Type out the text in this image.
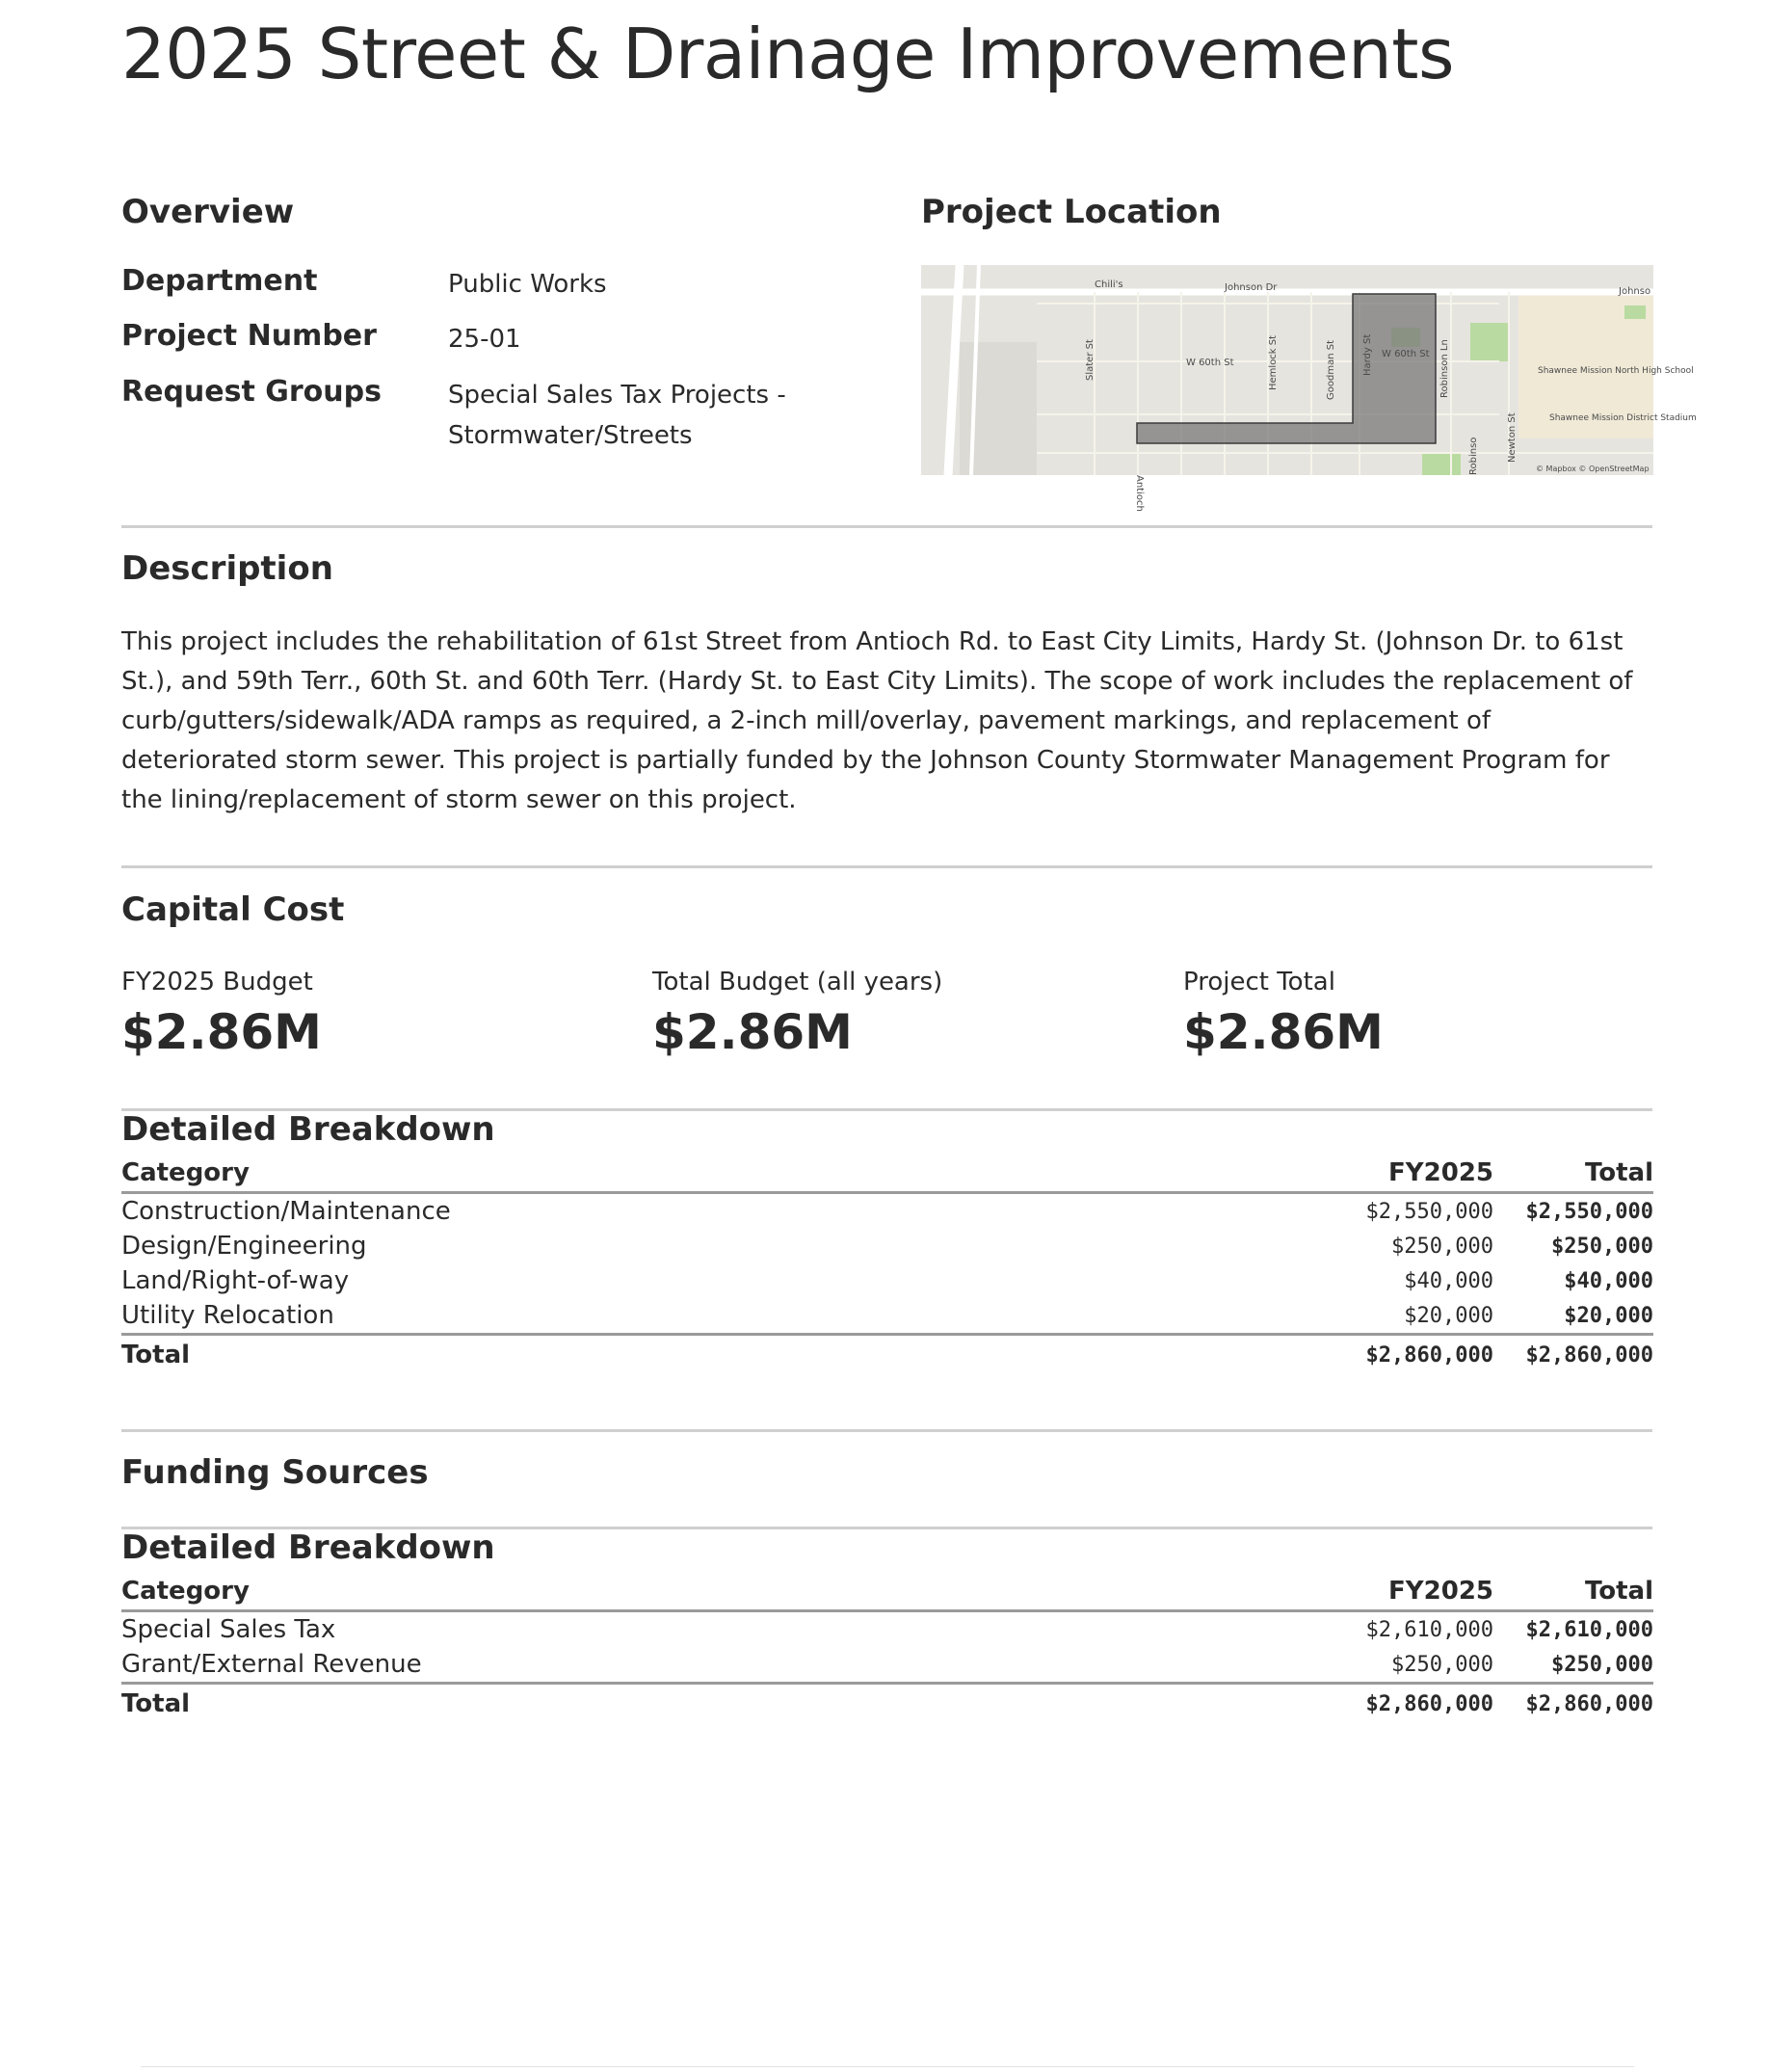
2025 Street & Drainage Improvements
Overview
Department	Public Works
Project Number	25-01
Request Groups	Special Sales Tax Projects - Stormwater/Streets
Project Location
Chili's	Johnson Dr	Johnso
W 60th St
W 60th St
Shawnee Mission North High School
Shawnee Mission District Stadium
© Mapbox © OpenStreetMap
Slater St	Hemlock St	Goodman St	Hardy St	Robinson Ln
Robinso	Newton St
Antioch
Description

This project includes the rehabilitation of 61st Street from Antioch Rd. to East City Limits, Hardy St. (Johnson Dr. to 61st St.), and 59th Terr., 60th St. and 60th Terr. (Hardy St. to East City Limits). The scope of work includes the replacement of curb/gutters/sidewalk/ADA ramps as required, a 2-inch mill/overlay, pavement markings, and replacement of deteriorated storm sewer. This project is partially funded by the Johnson County Stormwater Management Program for the lining/replacement of storm sewer on this project.

Capital Cost
FY2025 Budget
$2.86M
Total Budget (all years)
$2.86M
Project Total
$2.86M
Detailed Breakdown
Category	FY2025	Total
Construction/Maintenance	$2,550,000	$2,550,000
Design/Engineering	$250,000	$250,000
Land/Right-of-way	$40,000	$40,000
Utility Relocation	$20,000	$20,000
Total	$2,860,000	$2,860,000
Funding Sources
Detailed Breakdown
Category	FY2025	Total
Special Sales Tax	$2,610,000	$2,610,000
Grant/External Revenue	$250,000	$250,000
Total	$2,860,000	$2,860,000
